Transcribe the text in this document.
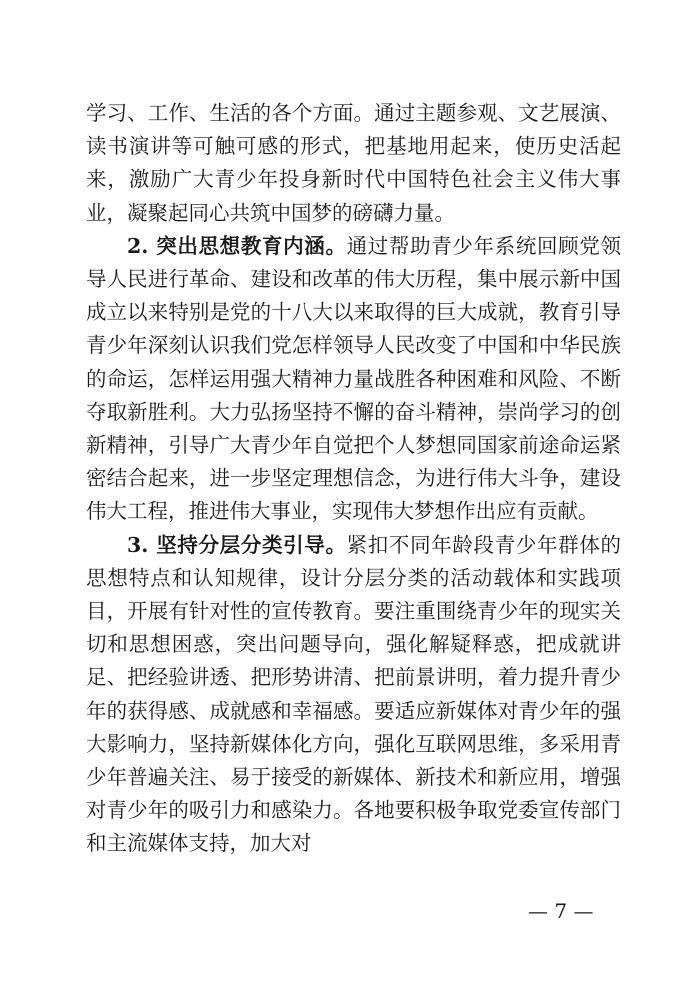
学习、工作、生活的各个方面。通过主题参观、文艺展演、读书演讲等可触可感的形式，把基地用起来，使历史活起来，激励广大青少年投身新时代中国特色社会主义伟大事业，凝聚起同心共筑中国梦的磅礴力量。

2. 突出思想教育内涵。通过帮助青少年系统回顾党领导人民进行革命、建设和改革的伟大历程，集中展示新中国成立以来特别是党的十八大以来取得的巨大成就，教育引导青少年深刻认识我们党怎样领导人民改变了中国和中华民族的命运，怎样运用强大精神力量战胜各种困难和风险、不断夺取新胜利。大力弘扬坚持不懈的奋斗精神，崇尚学习的创新精神，引导广大青少年自觉把个人梦想同国家前途命运紧密结合起来，进一步坚定理想信念，为进行伟大斗争，建设伟大工程，推进伟大事业，实现伟大梦想作出应有贡献。

3. 坚持分层分类引导。紧扣不同年龄段青少年群体的思想特点和认知规律，设计分层分类的活动载体和实践项目，开展有针对性的宣传教育。要注重围绕青少年的现实关切和思想困惑，突出问题导向，强化解疑释惑，把成就讲足、把经验讲透、把形势讲清、把前景讲明，着力提升青少年的获得感、成就感和幸福感。要适应新媒体对青少年的强大影响力，坚持新媒体化方向，强化互联网思维，多采用青少年普遍关注、易于接受的新媒体、新技术和新应用，增强对青少年的吸引力和感染力。各地要积极争取党委宣传部门和主流媒体支持，加大对

— 7 —
